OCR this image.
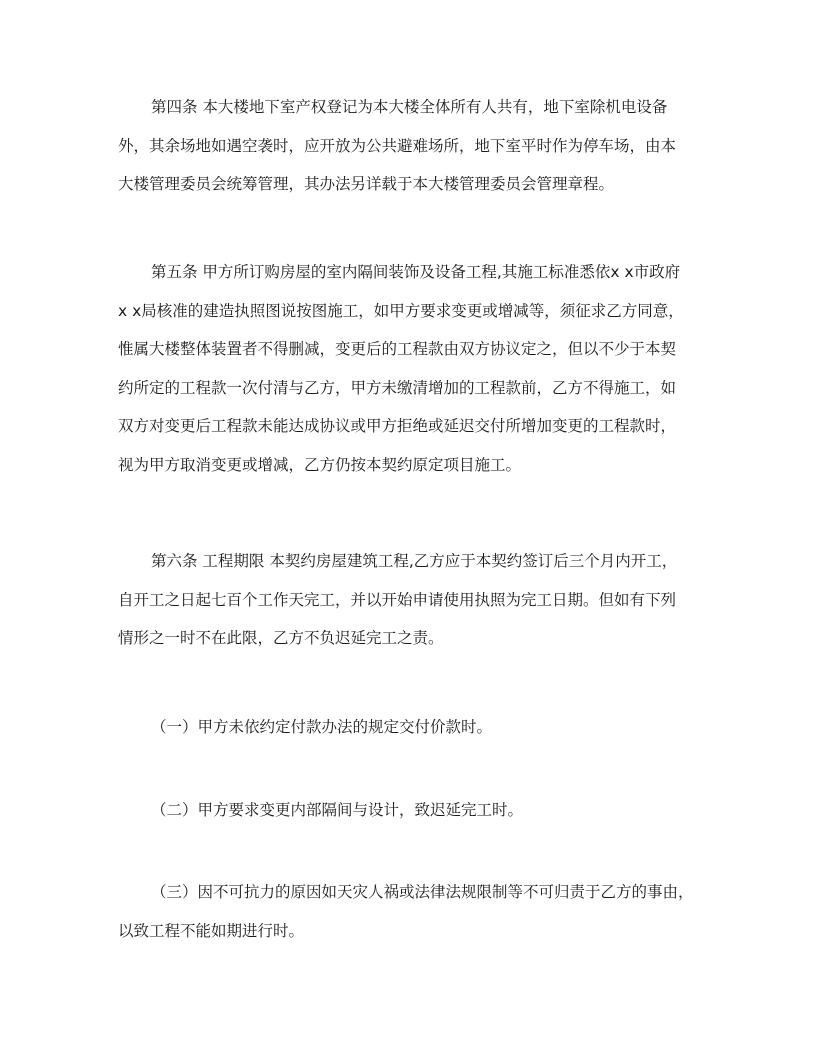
第四条 本大楼地下室产权登记为本大楼全体所有人共有，地下室除机电设备
外，其余场地如遇空袭时，应开放为公共避难场所，地下室平时作为停车场，由本
大楼管理委员会统筹管理，其办法另详载于本大楼管理委员会管理章程。

第五条 甲方所订购房屋的室内隔间装饰及设备工程,其施工标准悉依x x市政府
x x局核准的建造执照图说按图施工，如甲方要求变更或增减等，须征求乙方同意，
惟属大楼整体装置者不得删减，变更后的工程款由双方协议定之，但以不少于本契
约所定的工程款一次付清与乙方，甲方未缴清增加的工程款前，乙方不得施工，如
双方对变更后工程款未能达成协议或甲方拒绝或延迟交付所增加变更的工程款时，
视为甲方取消变更或增减，乙方仍按本契约原定项目施工。

第六条 工程期限 本契约房屋建筑工程,乙方应于本契约签订后三个月内开工，
自开工之日起七百个工作天完工，并以开始申请使用执照为完工日期。但如有下列
情形之一时不在此限，乙方不负迟延完工之责。

（一）甲方未依约定付款办法的规定交付价款时。

（二）甲方要求变更内部隔间与设计，致迟延完工时。

（三）因不可抗力的原因如天灾人祸或法律法规限制等不可归责于乙方的事由，
以致工程不能如期进行时。
